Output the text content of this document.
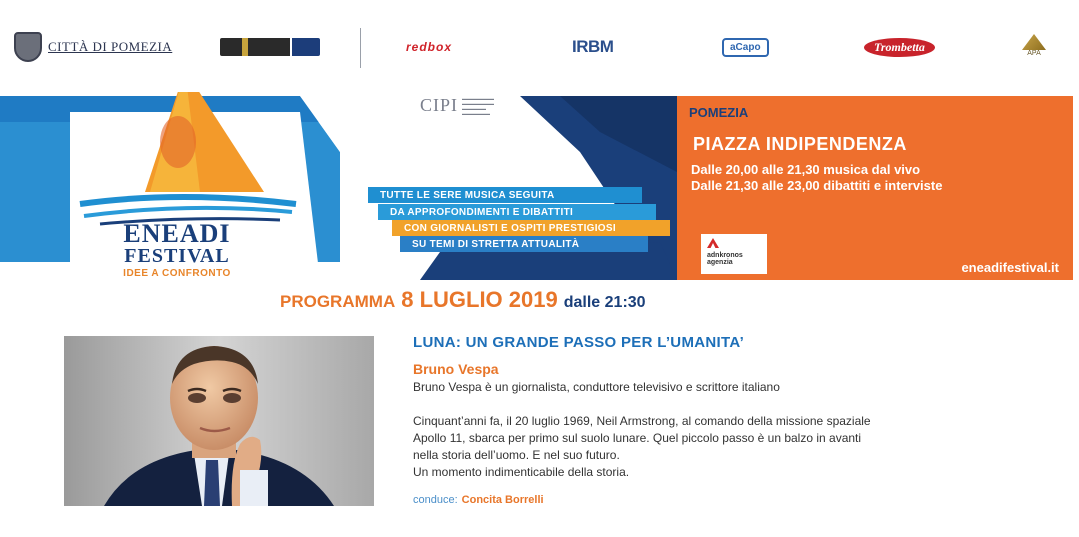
CITTÀ DI POMEZIA	redbox	IRBM	aCapo	Trombetta	APA
ENEADI
FESTIVAL
IDEE A CONFRONTO
CIPI ▬▬▬▬▬▬▬▬
▬▬▬▬▬▬▬▬
▬▬▬▬▬▬
▬▬▬▬▬▬▬
TUTTE LE SERE MUSICA SEGUITA
DA APPROFONDIMENTI E DIBATTITI
CON GIORNALISTI E OSPITI PRESTIGIOSI
SU TEMI DI STRETTA ATTUALITÀ
POMEZIA
PIAZZA INDIPENDENZA
Dalle 20,00 alle 21,30 musica dal vivo
Dalle 21,30 alle 23,00 dibattiti e interviste
adnkronos
agenzia	eneadifestival.it
PROGRAMMA 8 LUGLIO 2019 dalle 21:30
LUNA: UN GRANDE PASSO PER L’UMANITA’
Bruno Vespa
Bruno Vespa è un giornalista, conduttore televisivo e scrittore italiano
Cinquant’anni fa, il 20 luglio 1969, Neil Armstrong, al comando della missione spaziale
Apollo 11, sbarca per primo sul suolo lunare. Quel piccolo passo è un balzo in avanti
nella storia dell’uomo. E nel suo futuro.
Un momento indimenticabile della storia.
conduce: Concita Borrelli
